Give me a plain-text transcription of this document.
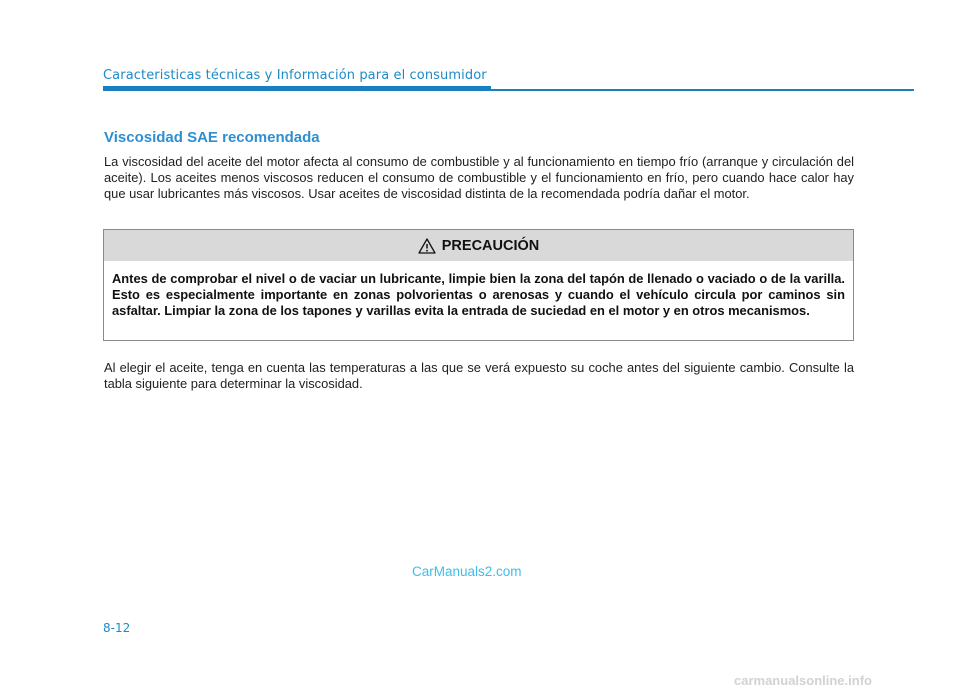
Caracteristicas técnicas y Información para el consumidor
Viscosidad SAE recomendada
La viscosidad del aceite del motor afecta al consumo de combustible y al funcionamiento en tiempo frío (arranque y circulación del aceite). Los aceites menos viscosos reducen el consumo de combustible y el funcionamiento en frío, pero cuando hace calor hay que usar lubricantes más viscosos. Usar aceites de viscosidad distinta de la recomendada podría dañar el motor.
PRECAUCIÓN
Antes de comprobar el nivel o de vaciar un lubricante, limpie bien la zona del tapón de llenado o vaciado o de la varilla. Esto es especialmente importante en zonas polvorientas o arenosas y cuando el vehículo circula por caminos sin asfaltar. Limpiar la zona de los tapones y varillas evita la entrada de suciedad en el motor y en otros mecanismos.
Al elegir el aceite, tenga en cuenta las temperaturas a las que se verá expuesto su coche antes del siguiente cambio. Consulte la tabla siguiente para determinar la viscosidad.
CarManuals2.com
8-12
carmanualsonline.info
